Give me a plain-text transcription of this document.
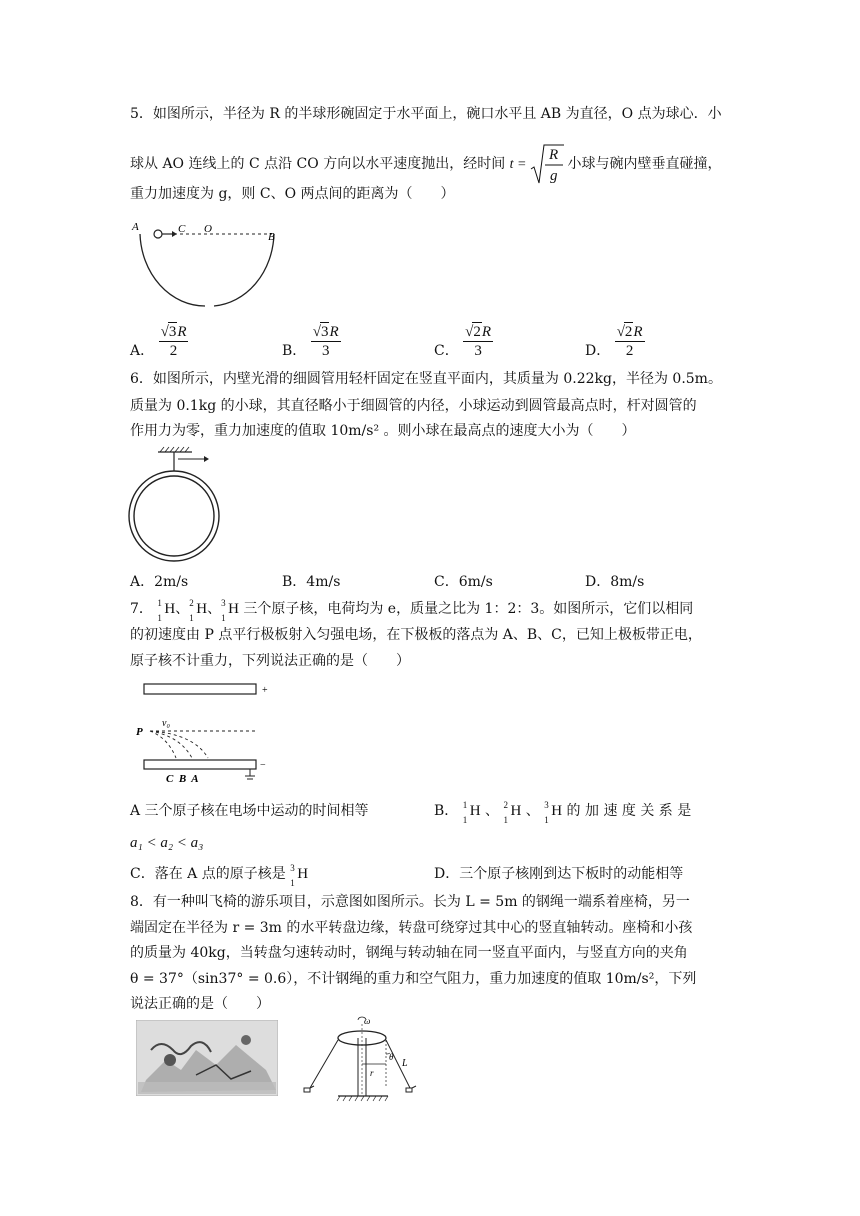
5．如图所示，半径为 R 的半球形碗固定于水平面上，碗口水平且 AB 为直径，O 点为球心．小
球从 AO 连线上的 C 点沿 CO 方向以水平速度抛出，经时间 t =
R
g
小球与碗内壁垂直碰撞，
重力加速度为 g，则 C、O 两点间的距离为（　　）
A	C O
B
A． $\frac{√3R}{2}$	B． $\frac{√3R}{3}$	C． $\frac{√2R}{3}$	D． $\frac{√2R}{2}$
6．如图所示，内壁光滑的细圆管用轻杆固定在竖直平面内，其质量为 0.22kg，半径为 0.5m。
质量为 0.1kg 的小球，其直径略小于细圆管的内径，小球运动到圆管最高点时，杆对圆管的
作用力为零，重力加速度的值取 10m/s² 。则小球在最高点的速度大小为（　　）
A．2m/s	B．4m/s	C．6m/s	D．8m/s
7． 1
1
H、 2
1
H、 3
1
H 三个原子核，电荷均为 e，质量之比为 1：2：3。如图所示，它们以相同
的初速度由 P 点平行极板射入匀强电场，在下极板的落点为 A、B、C，已知上极板带正电，
原子核不计重力，下列说法正确的是（　　）
+
P
v₀
−
C  B  A
A 三个原子核在电场中运动的时间相等	B． 1
1
H 、 2
1
H 、 3
1
H 的 加 速 度 关 系 是
a₁ < a₂ < a₃
C．落在 A 点的原子核是 3
1
H	D．三个原子核刚到达下板时的动能相等
8．有一种叫飞椅的游乐项目，示意图如图所示。长为 L = 5m 的钢绳一端系着座椅，另一
端固定在半径为 r = 3m 的水平转盘边缘，转盘可绕穿过其中心的竖直轴转动。座椅和小孩
的质量为 40kg，当转盘匀速转动时，钢绳与转动轴在同一竖直平面内，与竖直方向的夹角
θ = 37°（sin37° = 0.6），不计钢绳的重力和空气阻力，重力加速度的值取 10m/s²，下列
说法正确的是（　　）
ω
r
θ
L
